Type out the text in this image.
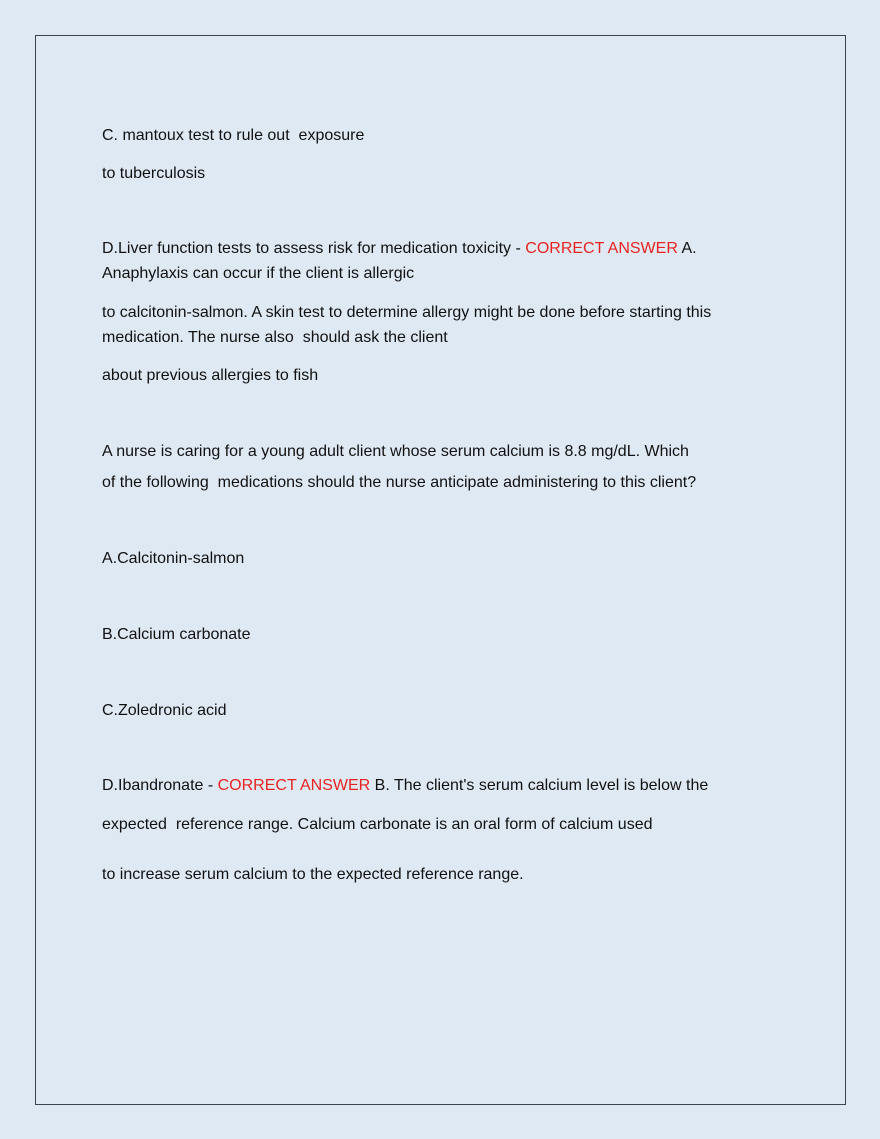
C. mantoux test to rule out  exposure
to tuberculosis
D.Liver function tests to assess risk for medication toxicity - CORRECT ANSWER A.
Anaphylaxis can occur if the client is allergic
to calcitonin-salmon. A skin test to determine allergy might be done before starting this
medication. The nurse also  should ask the client
about previous allergies to fish
A nurse is caring for a young adult client whose serum calcium is 8.8 mg/dL. Which
of the following  medications should the nurse anticipate administering to this client?
A.Calcitonin-salmon
B.Calcium carbonate
C.Zoledronic acid
D.Ibandronate - CORRECT ANSWER B. The client's serum calcium level is below the
expected  reference range. Calcium carbonate is an oral form of calcium used
to increase serum calcium to the expected reference range.
